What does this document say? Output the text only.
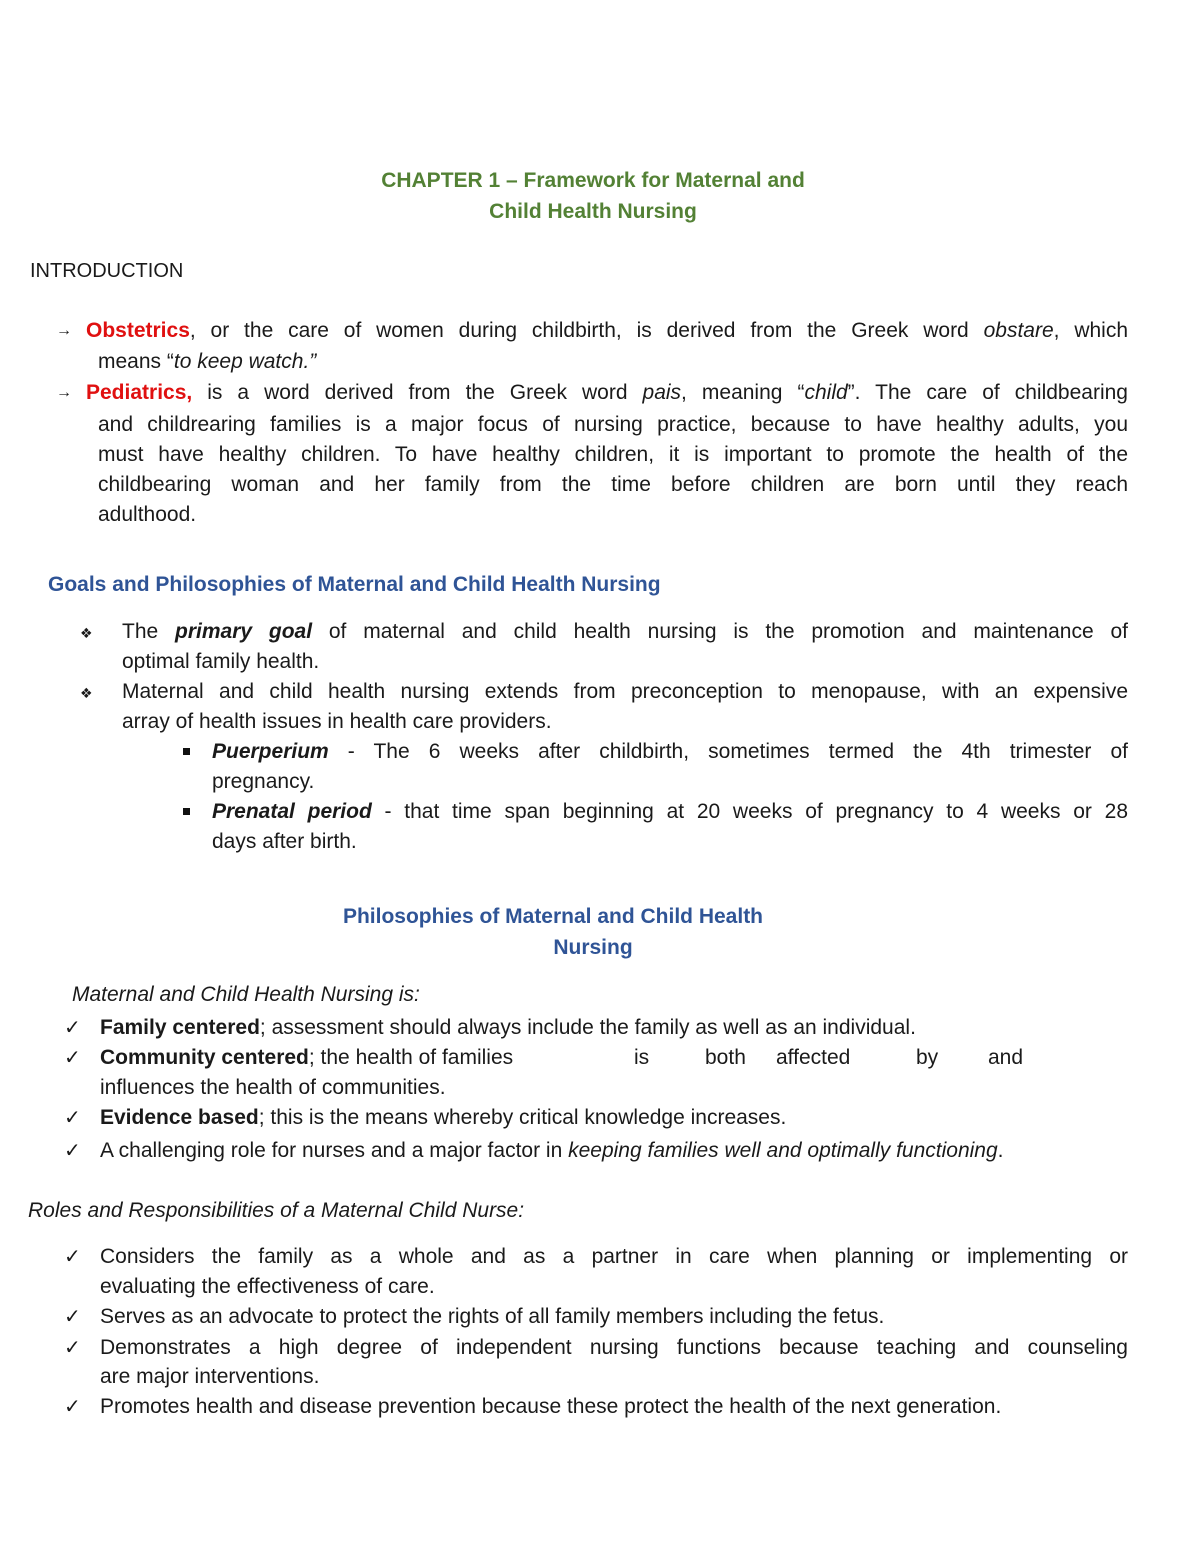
CHAPTER 1 – Framework for Maternal and
Child Health Nursing
INTRODUCTION
→ Obstetrics, or the care of women during childbirth, is derived from the Greek word obstare, which
means “to keep watch.”
→ Pediatrics, is a word derived from the Greek word pais, meaning “child”. The care of childbearing
and childrearing families is a major focus of nursing practice, because to have healthy adults, you
must have healthy children. To have healthy children, it is important to promote the health of the
childbearing woman and her family from the time before children are born until they reach
adulthood.
Goals and Philosophies of Maternal and Child Health Nursing
❖ The primary goal of maternal and child health nursing is the promotion and maintenance of
optimal family health.
❖ Maternal and child health nursing extends from preconception to menopause, with an expensive
array of health issues in health care providers.
Puerperium - The 6 weeks after childbirth, sometimes termed the 4th trimester of
pregnancy.
Prenatal period - that time span beginning at 20 weeks of pregnancy to 4 weeks or 28
days after birth.
Philosophies of Maternal and Child Health
Nursing
Maternal and Child Health Nursing is:
✓ Family centered; assessment should always include the family as well as an individual.
✓ Community centered; the health of families	is	both affected	by and
influences the health of communities.
✓ Evidence based; this is the means whereby critical knowledge increases.
✓ A challenging role for nurses and a major factor in keeping families well and optimally functioning.
Roles and Responsibilities of a Maternal Child Nurse:
✓ Considers the family as a whole and as a partner in care when planning or implementing or
evaluating the effectiveness of care.
✓ Serves as an advocate to protect the rights of all family members including the fetus.
✓ Demonstrates a high degree of independent nursing functions because teaching and counseling
are major interventions.
✓ Promotes health and disease prevention because these protect the health of the next generation.
